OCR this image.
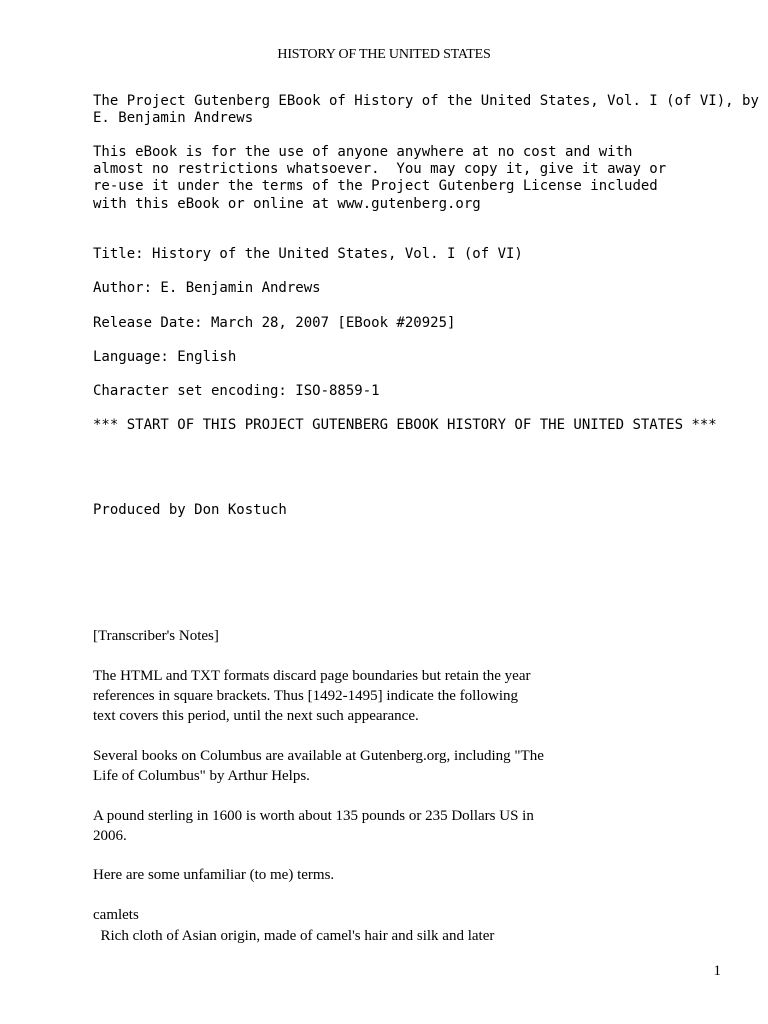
HISTORY OF THE UNITED STATES
The Project Gutenberg EBook of History of the United States, Vol. I (of VI), by
E. Benjamin Andrews
This eBook is for the use of anyone anywhere at no cost and with
almost no restrictions whatsoever.  You may copy it, give it away or
re-use it under the terms of the Project Gutenberg License included
with this eBook or online at www.gutenberg.org
Title: History of the United States, Vol. I (of VI)
Author: E. Benjamin Andrews
Release Date: March 28, 2007 [EBook #20925]
Language: English
Character set encoding: ISO-8859-1
*** START OF THIS PROJECT GUTENBERG EBOOK HISTORY OF THE UNITED STATES ***
Produced by Don Kostuch
[Transcriber's Notes]
The HTML and TXT formats discard page boundaries but retain the year
references in square brackets. Thus [1492-1495] indicate the following
text covers this period, until the next such appearance.
Several books on Columbus are available at Gutenberg.org, including "The
Life of Columbus" by Arthur Helps.
A pound sterling in 1600 is worth about 135 pounds or 235 Dollars US in
2006.
Here are some unfamiliar (to me) terms.
camlets
Rich cloth of Asian origin, made of camel's hair and silk and later
1
